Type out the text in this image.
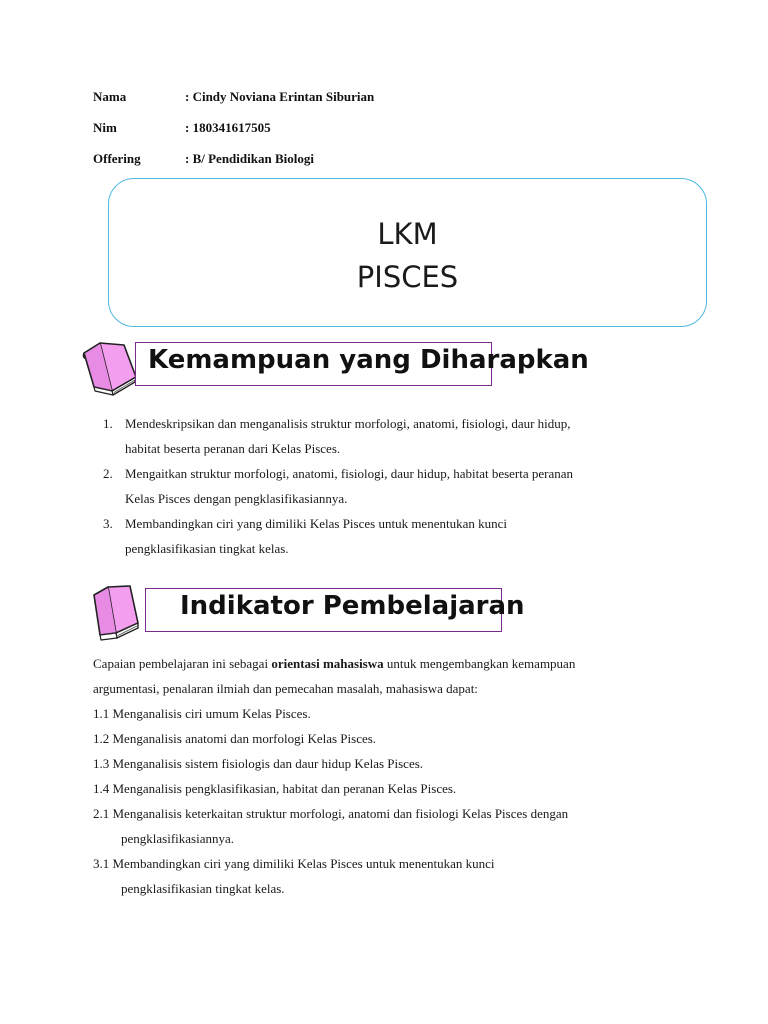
Nama	: Cindy Noviana Erintan Siburian
Nim	: 180341617505
Offering	: B/ Pendidikan Biologi
LKM
PISCES
Kemampuan yang Diharapkan
1. Mendeskripsikan dan menganalisis struktur morfologi, anatomi, fisiologi, daur hidup,
habitat beserta peranan dari Kelas Pisces.
2. Mengaitkan struktur morfologi, anatomi, fisiologi, daur hidup, habitat beserta peranan
Kelas Pisces dengan pengklasifikasiannya.
3. Membandingkan ciri yang dimiliki Kelas Pisces untuk menentukan kunci
pengklasifikasian tingkat kelas.
Indikator Pembelajaran
Capaian pembelajaran ini sebagai orientasi mahasiswa untuk mengembangkan kemampuan
argumentasi, penalaran ilmiah dan pemecahan masalah, mahasiswa dapat:
1.1 Menganalisis ciri umum Kelas Pisces.
1.2 Menganalisis anatomi dan morfologi Kelas Pisces.
1.3 Menganalisis sistem fisiologis dan daur hidup Kelas Pisces.
1.4 Menganalisis pengklasifikasian, habitat dan peranan Kelas Pisces.
2.1 Menganalisis keterkaitan struktur morfologi, anatomi dan fisiologi Kelas Pisces dengan
pengklasifikasiannya.
3.1 Membandingkan ciri yang dimiliki Kelas Pisces untuk menentukan kunci
pengklasifikasian tingkat kelas.
